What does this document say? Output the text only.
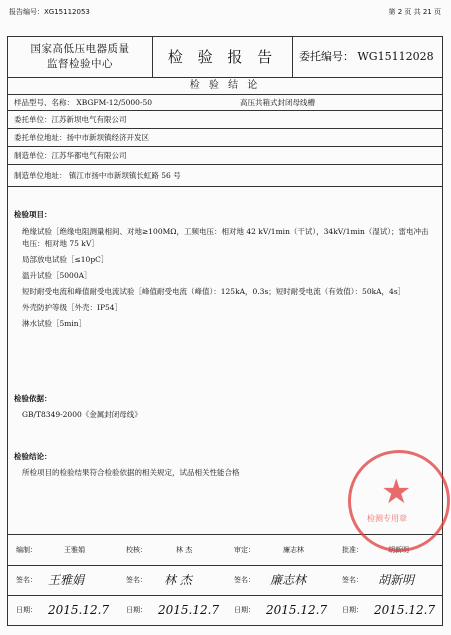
报告编号：XG15112053	第 2 页 共 21 页
国家高低压电器质量
监督检验中心	检 验 报 告	委托编号： WG15112028
检 验 结 论
样品型号、名称： XBGFM-12/5000-50	高压共箱式封闭母线槽
委托单位：江苏新坝电气有限公司
委托单位地址：扬中市新坝镇经济开发区
制造单位：江苏华都电气有限公司
制造单位地址： 镇江市扬中市新坝镇长虹路 56 号
检验项目：
绝缘试验［绝缘电阻测量相间、对地≥100MΩ，工频电压：相对地 42 kV/1min（干试），34kV/1min（湿试）；雷电冲击电压：相对地 75 kV］
局部放电试验［≤10pC］
温升试验［5000A］
短时耐受电流和峰值耐受电流试验［峰值耐受电流（峰值）：125kA，0.3s；短时耐受电流（有效值）：50kA，4s］
外壳防护等级［外壳：IP54］
淋水试验［5min］
检验依据：
GB/T8349-2000《金属封闭母线》
检验结论：
所检项目的检验结果符合检验依据的相关规定，试品相关性能合格
编制：	王雅娟	校核：	林 杰	审定：	廉志林	批准：	胡新明
签名： 王雅娟	签名： 林 杰	签名： 廉志林	签名： 胡新明
日期： 2015.12.7 日期： 2015.12.7 日期： 2015.12.7 日期： 2015.12.7
★
检测专用章
